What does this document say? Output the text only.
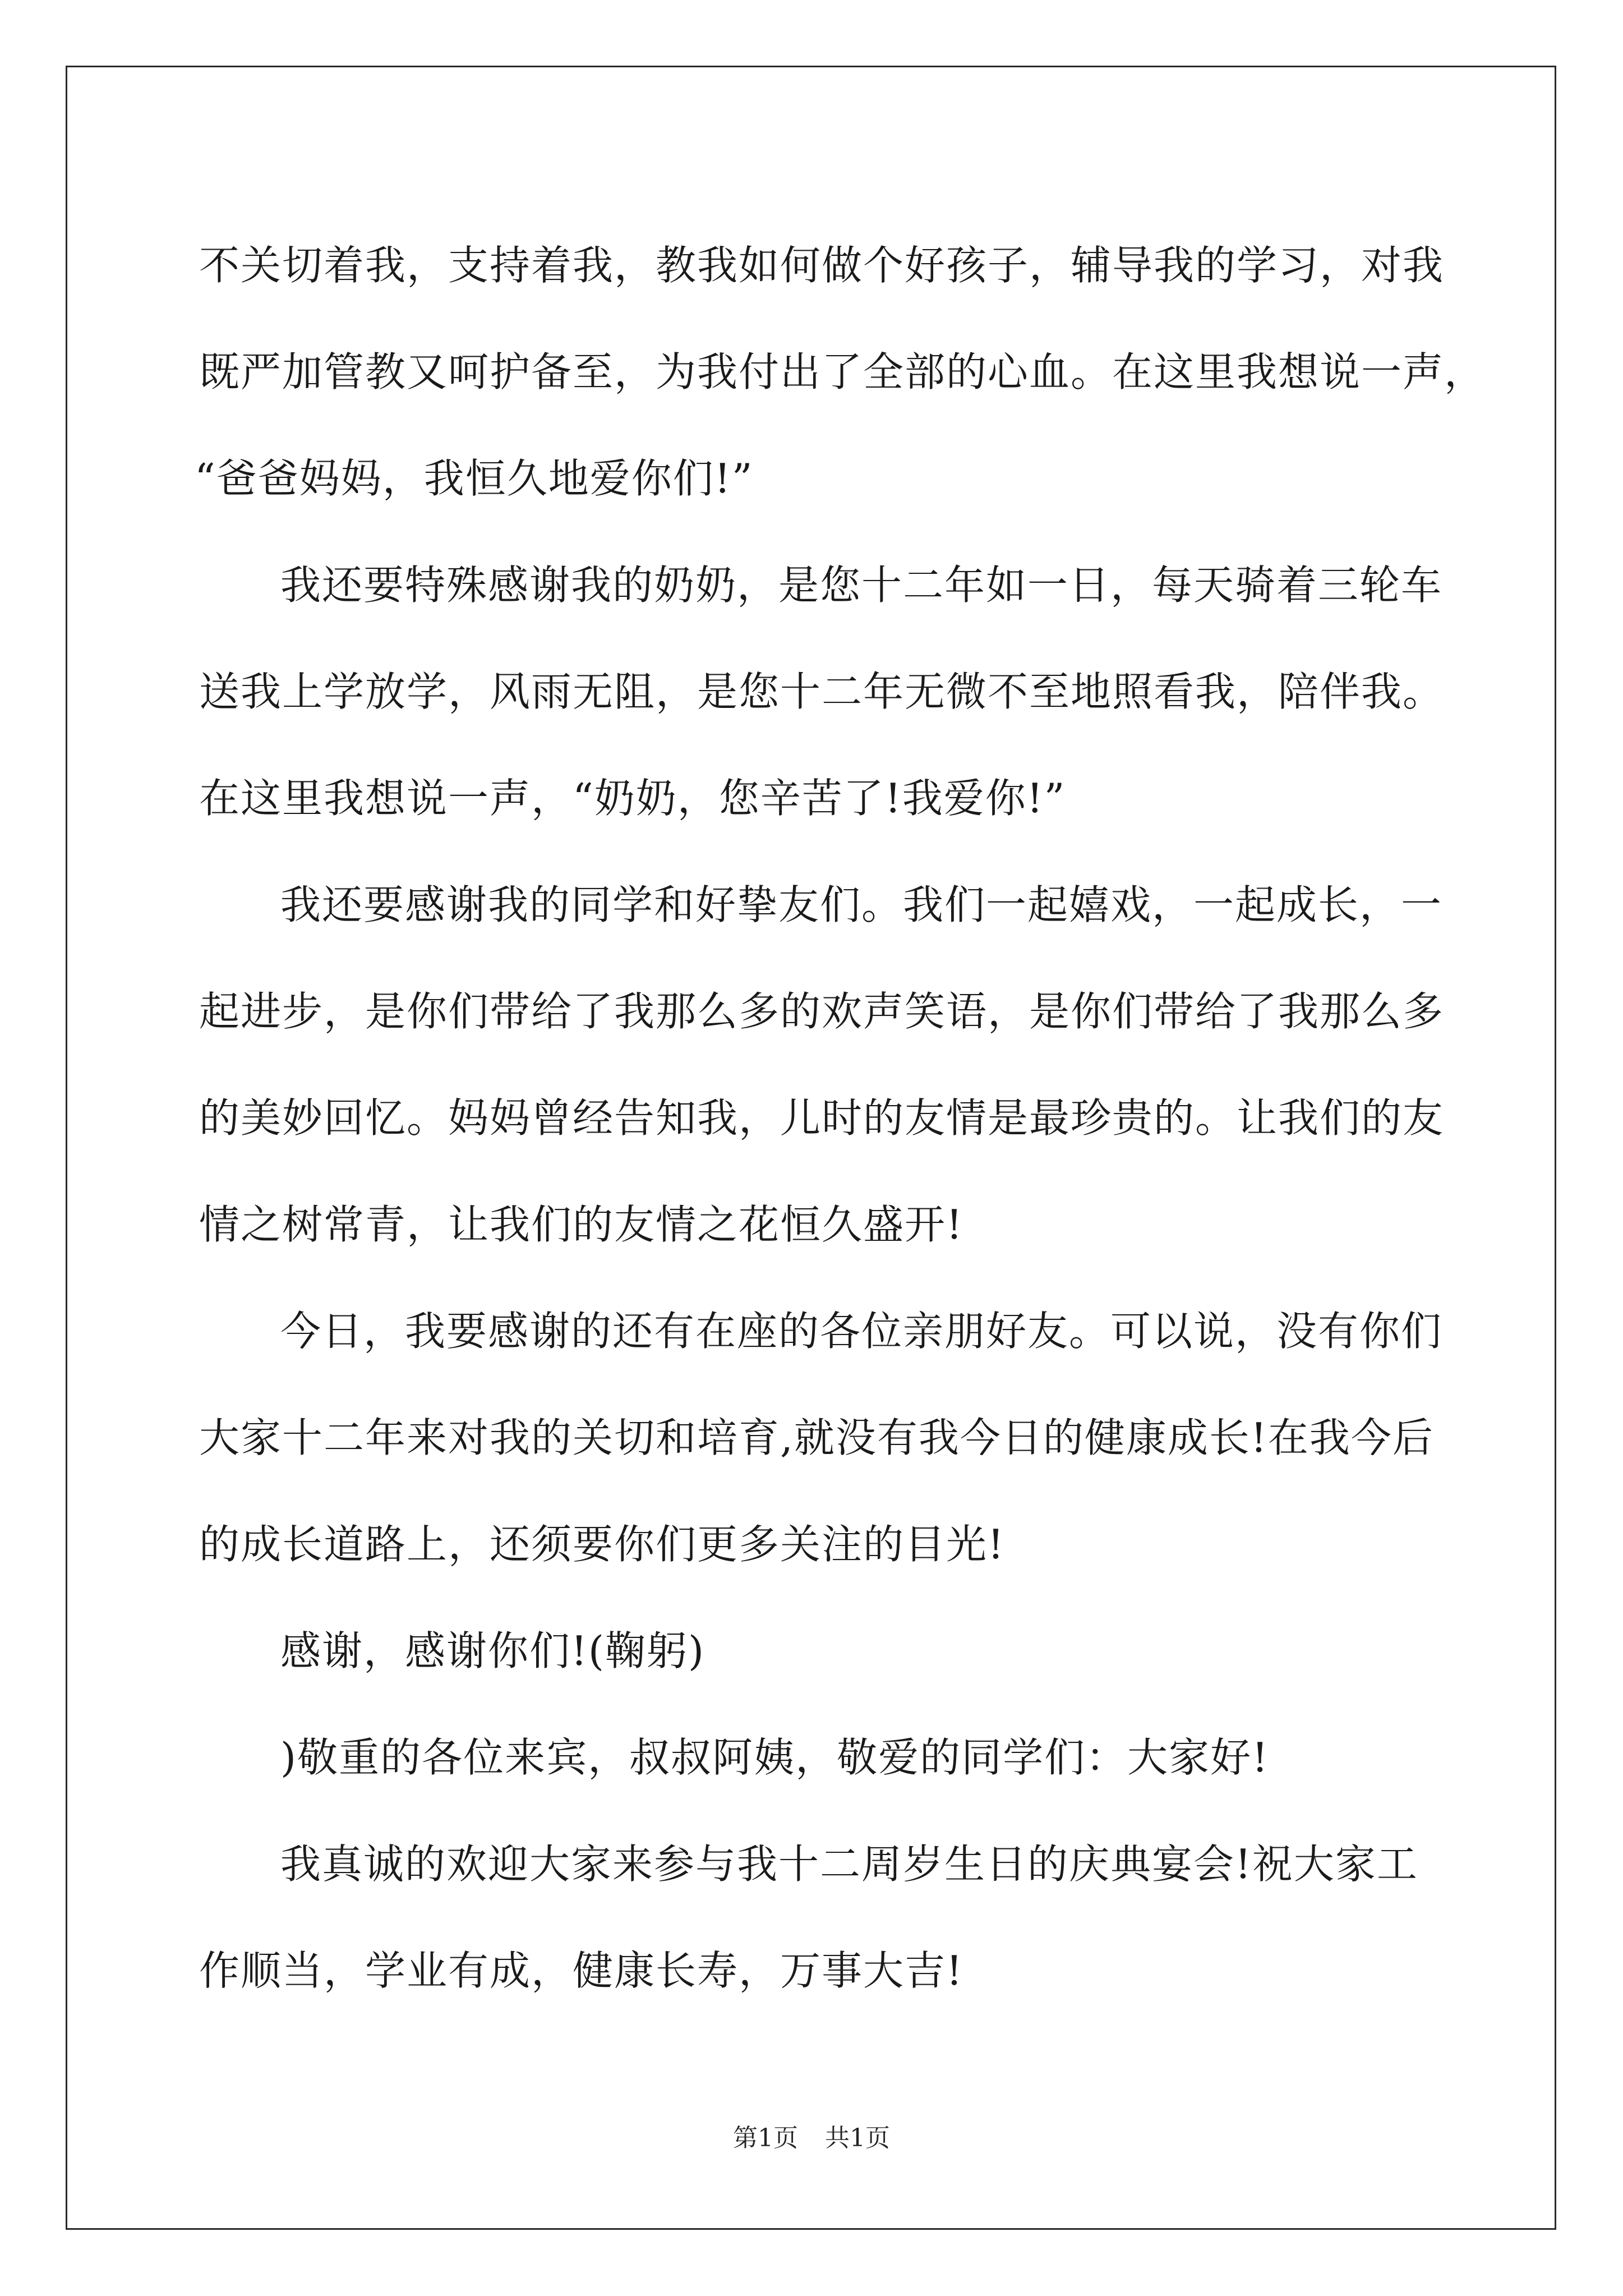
不关切着我，支持着我，教我如何做个好孩子，辅导我的学习，对我
既严加管教又呵护备至，为我付出了全部的心血。在这里我想说一声，
“爸爸妈妈，我恒久地爱你们!”
我还要特殊感谢我的奶奶，是您十二年如一日，每天骑着三轮车
送我上学放学，风雨无阻，是您十二年无微不至地照看我，陪伴我。
在这里我想说一声，“奶奶，您辛苦了!我爱你!”
我还要感谢我的同学和好挚友们。我们一起嬉戏，一起成长，一
起进步，是你们带给了我那么多的欢声笑语，是你们带给了我那么多
的美妙回忆。妈妈曾经告知我，儿时的友情是最珍贵的。让我们的友
情之树常青，让我们的友情之花恒久盛开!
今日，我要感谢的还有在座的各位亲朋好友。可以说，没有你们
大家十二年来对我的关切和培育,就没有我今日的健康成长!在我今后
的成长道路上，还须要你们更多关注的目光!
感谢，感谢你们!(鞠躬)
)敬重的各位来宾，叔叔阿姨，敬爱的同学们：大家好!
我真诚的欢迎大家来参与我十二周岁生日的庆典宴会!祝大家工
作顺当，学业有成，健康长寿，万事大吉!
第1页 共1页
